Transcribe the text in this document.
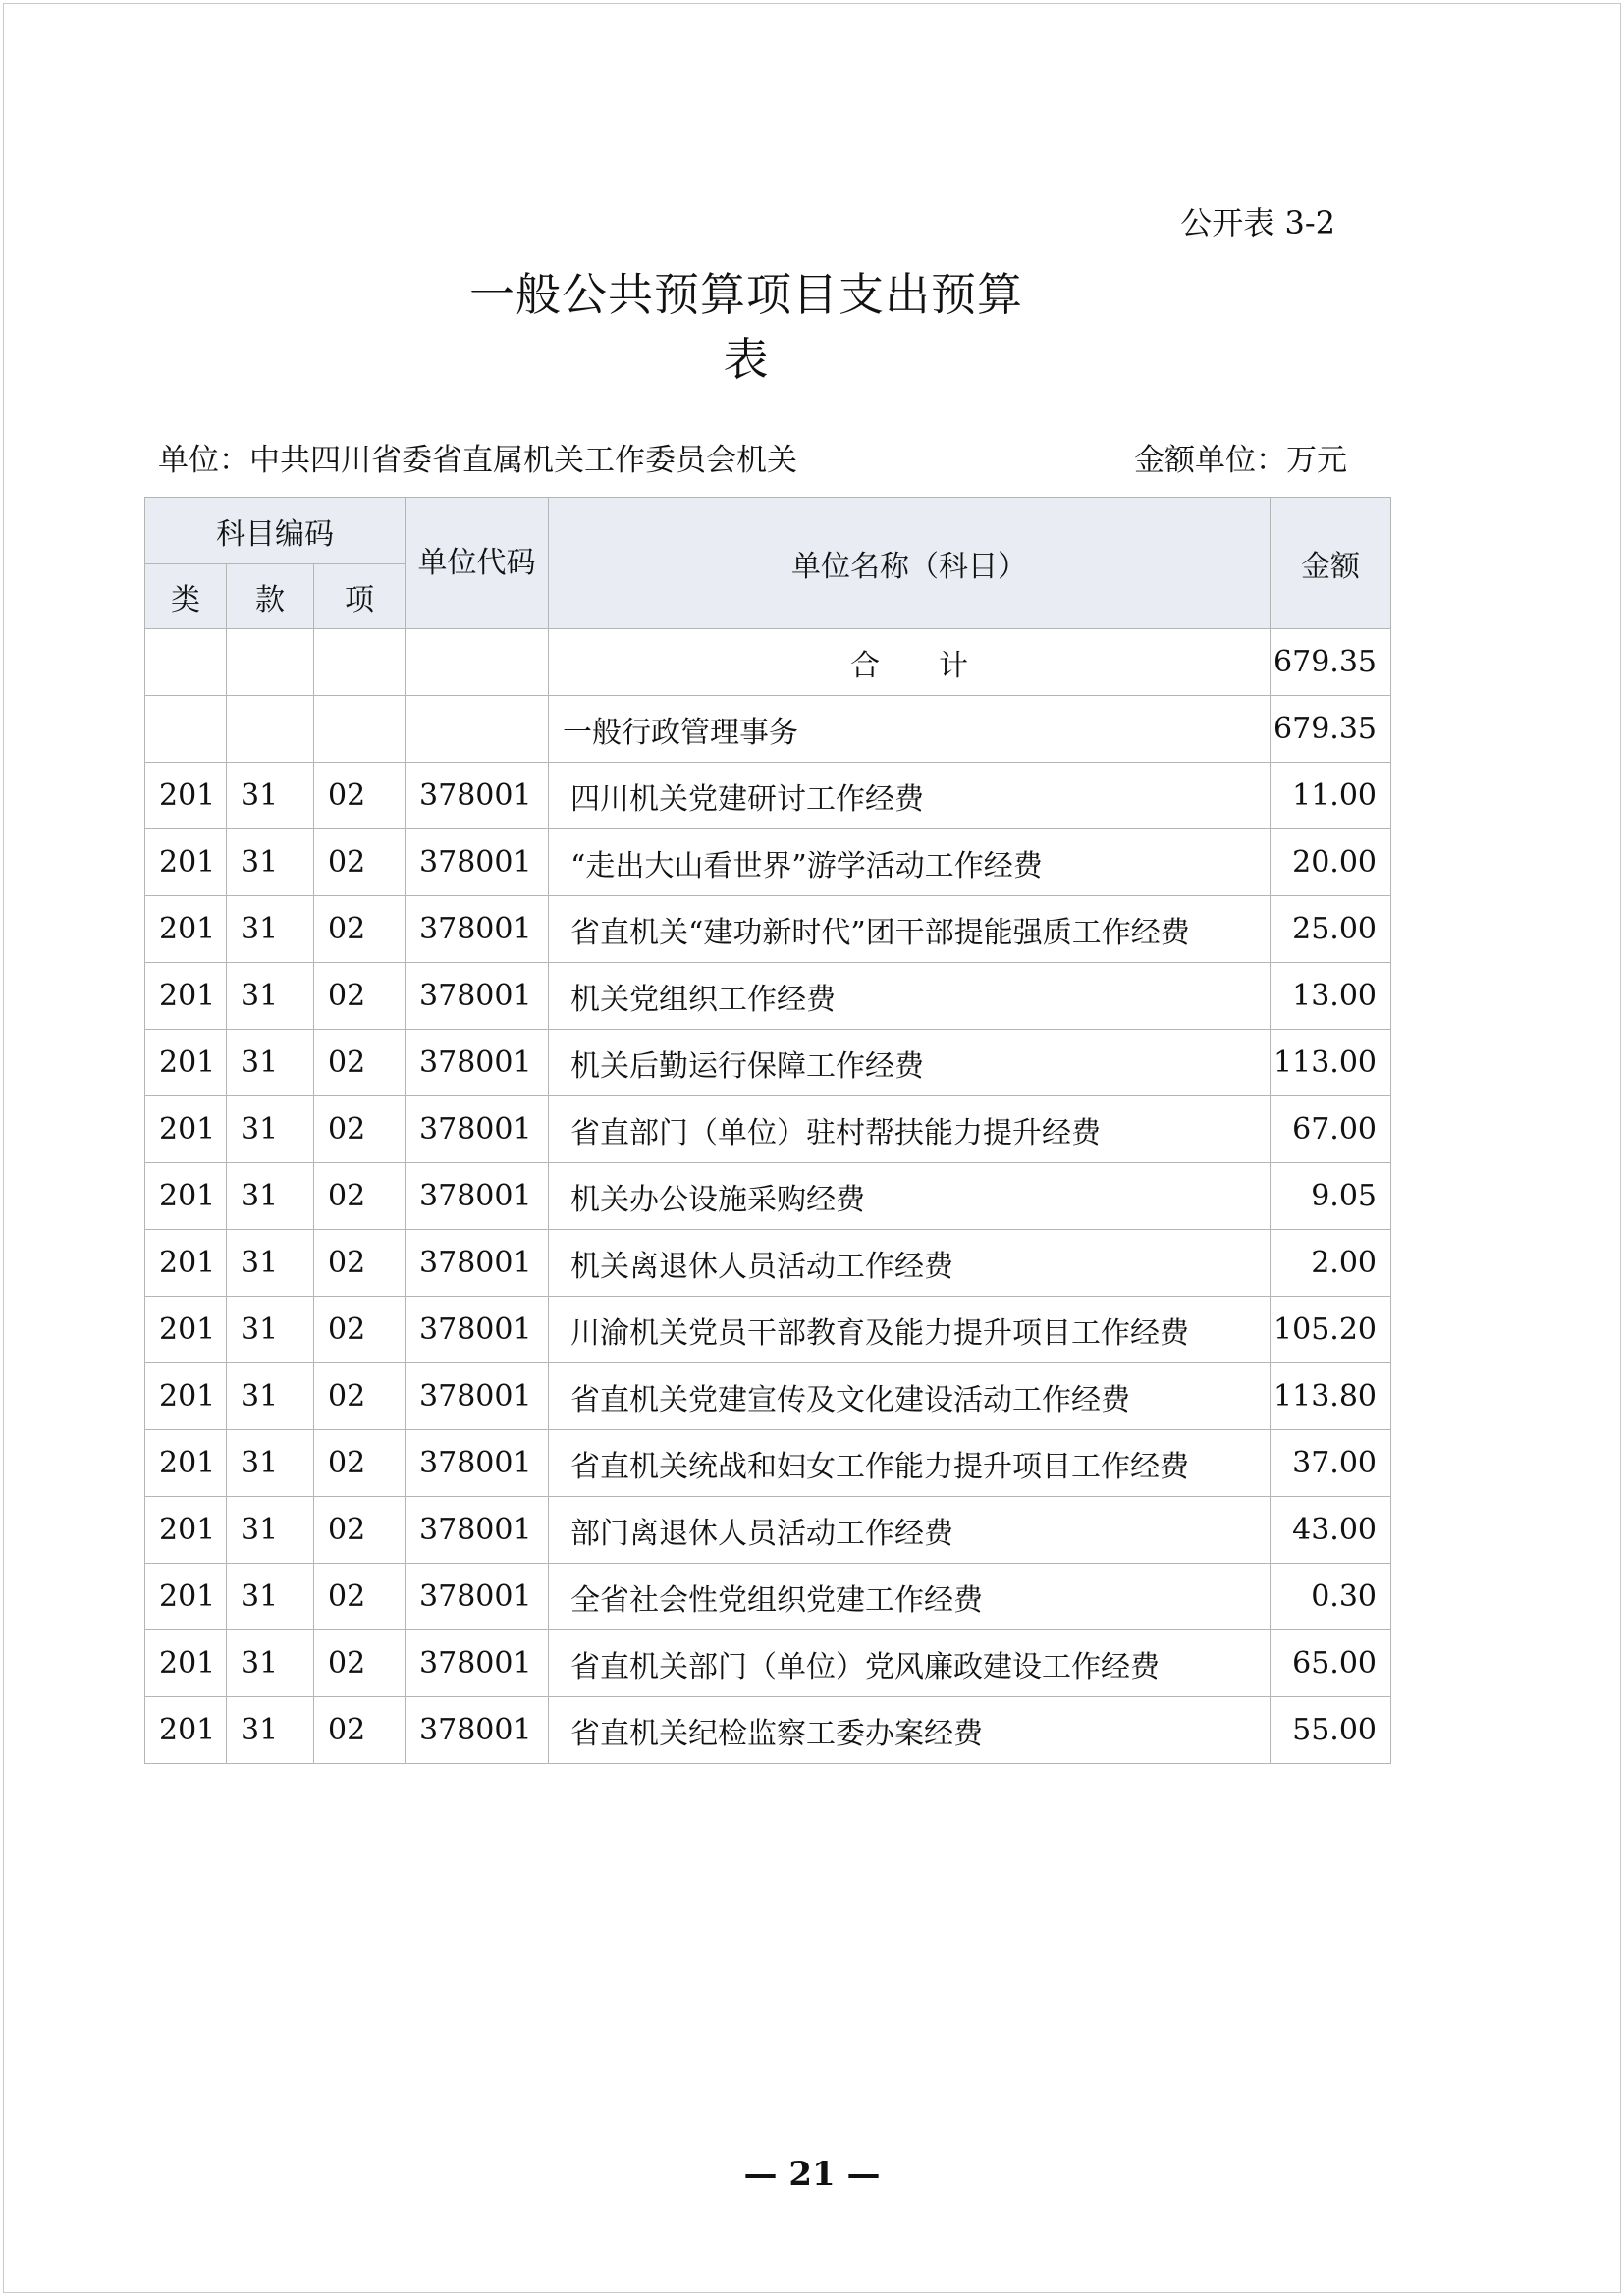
公开表 3-2
一般公共预算项目支出预算表
单位：中共四川省委省直属机关工作委员会机关	金额单位：万元
科目编码			单位代码	单位名称（科目）	金额
类	款	项			
				合　　计	679.35
				一般行政管理事务	679.35
201	31	02	378001	四川机关党建研讨工作经费	11.00
201	31	02	378001	“走出大山看世界”游学活动工作经费	20.00
201	31	02	378001	省直机关“建功新时代”团干部提能强质工作经费	25.00
201	31	02	378001	机关党组织工作经费	13.00
201	31	02	378001	机关后勤运行保障工作经费	113.00
201	31	02	378001	省直部门（单位）驻村帮扶能力提升经费	67.00
201	31	02	378001	机关办公设施采购经费	9.05
201	31	02	378001	机关离退休人员活动工作经费	2.00
201	31	02	378001	川渝机关党员干部教育及能力提升项目工作经费	105.20
201	31	02	378001	省直机关党建宣传及文化建设活动工作经费	113.80
201	31	02	378001	省直机关统战和妇女工作能力提升项目工作经费	37.00
201	31	02	378001	部门离退休人员活动工作经费	43.00
201	31	02	378001	全省社会性党组织党建工作经费	0.30
201	31	02	378001	省直机关部门（单位）党风廉政建设工作经费	65.00
201	31	02	378001	省直机关纪检监察工委办案经费	55.00
— 21 —
